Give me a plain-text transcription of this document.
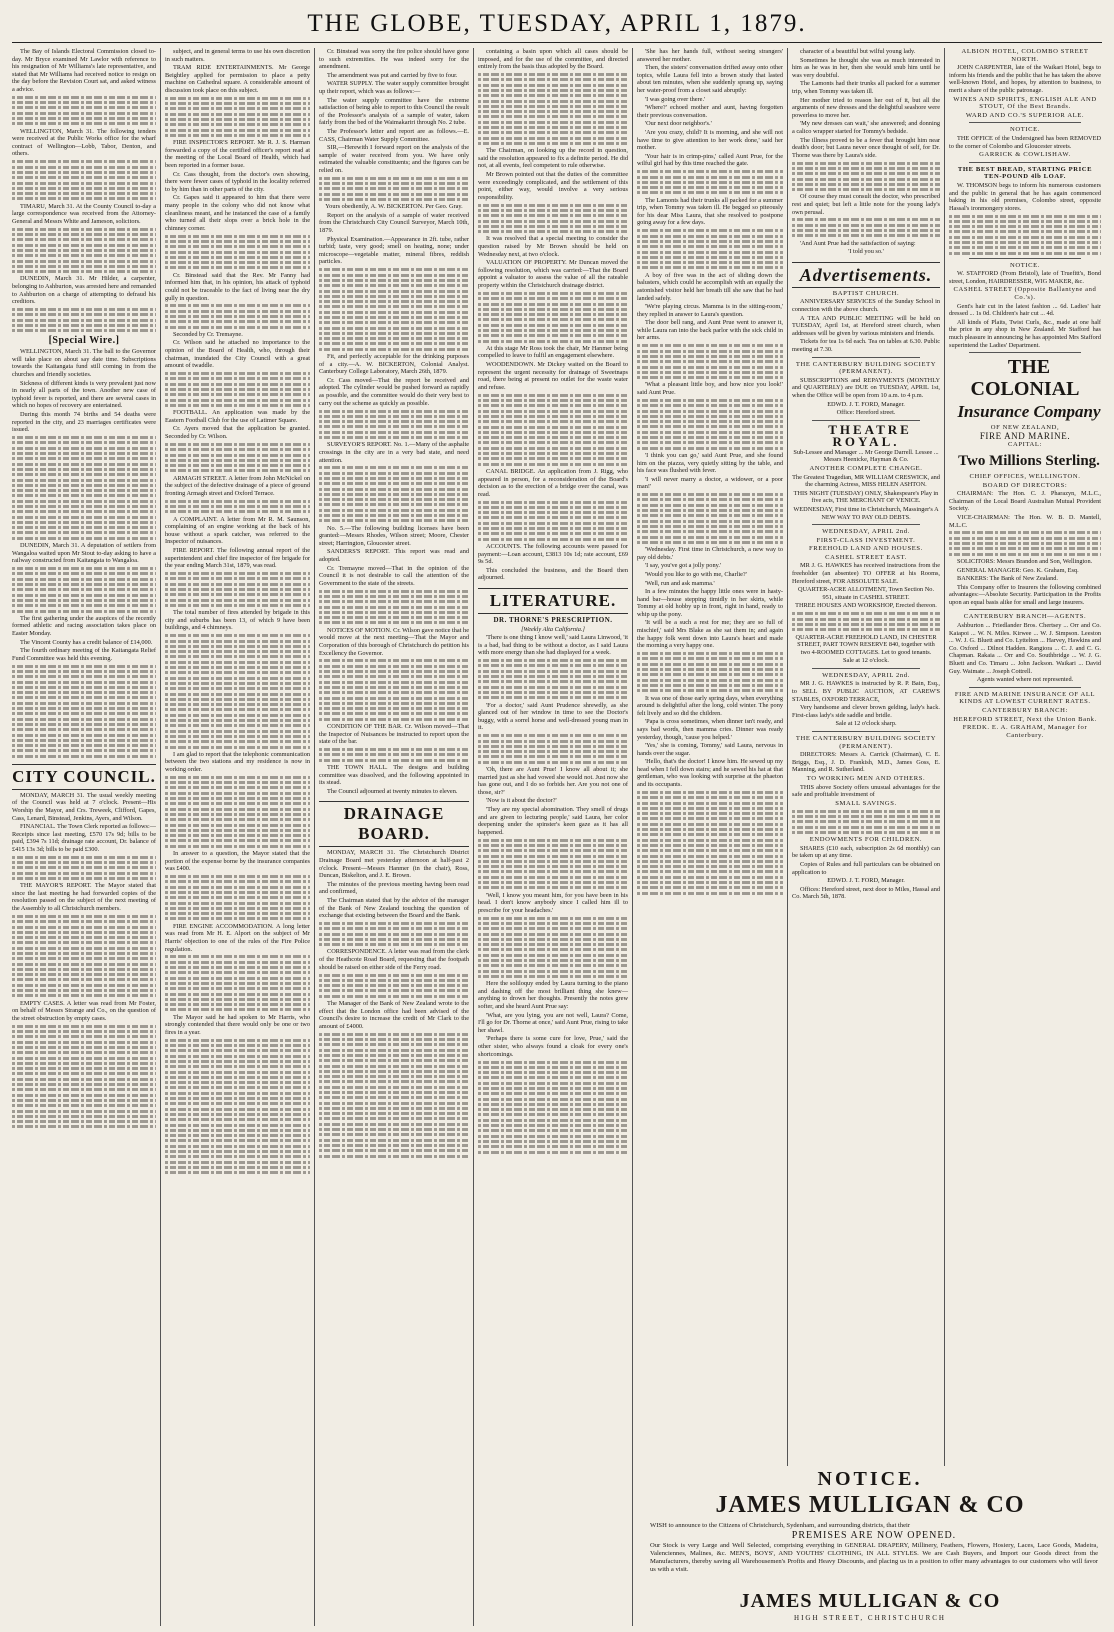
THE GLOBE, TUESDAY, APRIL 1, 1879.

The Bay of Islands Electoral Commission closed to-day. Mr Bryce examined Mr Lawlor with reference to his resignation of Mr Williams's late representative, and stated that Mr Williams had received notice to resign on the day before the Revision Court sat, and asked witness a advice.

WELLINGTON, March 31. The following tenders were received at the Public Works office for the wharf contract of Wellington—Lobb, Tabor, Denton, and others.

TIMARU, March 31. At the County Council to-day a large correspondence was received from the Attorney-General and Messrs White and Jameson, solicitors.

DUNEDIN, March 31. Mr Hilder, a carpenter, belonging to Ashburton, was arrested here and remanded to Ashburton on a charge of attempting to defraud his creditors.

[Special Wire.]

WELLINGTON, March 31. The ball to the Governor will take place on about say date time. Subscriptions towards the Kaitangata fund still coming in from the churches and friendly societies.

Sickness of different kinds is very prevalent just now in nearly all parts of the town. Another new case of typhoid fever is reported, and there are several cases in which no hopes of recovery are entertained.

During this month 74 births and 54 deaths were reported in the city, and 23 marriages certificates were issued.

DUNEDIN, March 31. A deputation of settlers from Wangaloa waited upon Mr Stout to-day asking to have a railway constructed from Kaitangata to Wangaloa.

The first gathering under the auspices of the recently formed athletic and racing association takes place on Easter Monday.

The Vincent County has a credit balance of £14,000.

The fourth ordinary meeting of the Kaitangata Relief Fund Committee was held this evening.

CITY COUNCIL.

MONDAY, MARCH 31. The usual weekly meeting of the Council was held at 7 o'clock. Present—His Worship the Mayor, and Crs. Treweek, Clifford, Gapes, Cass, Lenard, Binstead, Jenkins, Ayers, and Wilson.

FINANCIAL. The Town Clerk reported as follows:—Receipts since last meeting, £570 17s 9d; bills to be paid, £394 7s 11d; drainage rate account, Dr. balance of £415 13s 3d; bills to be paid £300.

THE MAYOR'S REPORT. The Mayor stated that since the last meeting he had forwarded copies of the resolution passed on the subject of the next meeting of the Assembly to all Christchurch members.

EMPTY CASES. A letter was read from Mr Foster, on behalf of Messrs Strange and Co., on the question of the street obstruction by empty cases.

subject, and in general terms to use his own discretion in such matters.

TRAM RIDE ENTERTAINMENTS. Mr George Beightley applied for permission to place a petty machine on Cathedral square. A considerable amount of discussion took place on this subject.

FIRE INSPECTOR'S REPORT. Mr R. J. S. Harman forwarded a copy of the certified officer's report read at the meeting of the Local Board of Health, which had been reported in a former issue.

Cr. Cass thought, from the doctor's own showing, there were fewer cases of typhoid in the locality referred to by him than in other parts of the city.

Cr. Gapes said it appeared to him that there were many people in the colony who did not know what cleanliness meant, and he instanced the case of a family who turned all their slops over a brick hole in the chimney corner.

Cr. Binstead said that the Rev. Mr Fanny had informed him that, in his opinion, his attack of typhoid could not be traceable to the fact of living near the dry gully in question.

Seconded by Cr. Tremayne.

Cr. Wilson said he attached no importance to the opinion of the Board of Health, who, through their chairman, inundated the City Council with a great amount of twaddle.

FOOTBALL. An application was made by the Eastern Football Club for the use of Latimer Square.

Cr. Ayers moved that the application be granted. Seconded by Cr. Wilson.

ARMAGH STREET. A letter from John McNickel on the subject of the defective drainage of a piece of ground fronting Armagh street and Oxford Terrace.

A COMPLAINT. A letter from Mr R. M. Saunson, complaining of an engine working at the back of his house without a spark catcher, was referred to the Inspector of nuisances.

FIRE REPORT. The following annual report of the superintendent and chief fire inspector of fire brigade for the year ending March 31st, 1879, was read.

The total number of fires attended by brigade in this city and suburbs has been 13, of which 9 have been buildings, and 4 chimneys.

I am glad to report that the telephonic communication between the two stations and my residence is now in working order.

In answer to a question, the Mayor stated that the portion of the expense borne by the insurance companies was £400.

FIRE ENGINE ACCOMMODATION. A long letter was read from Mr H. E. Alport on the subject of Mr Harris' objection to one of the rules of the Fire Police regulation.

The Mayor said he had spoken to Mr Harris, who strongly contended that there would only be one or two fires in a year.

Cr. Binstead was sorry the fire police should have gone to such extremities. He was indeed sorry for the amendment.

The amendment was put and carried by five to four.

WATER SUPPLY. The water supply committee brought up their report, which was as follows:—

The water supply committee have the extreme satisfaction of being able to report to this Council the result of the Professor's analysis of a sample of water, taken fairly from the bed of the Waimakariri through No. 2 tube.

The Professor's letter and report are as follows.—E. CASS, Chairman Water Supply Committee.

SIR,—Herewith I forward report on the analysis of the sample of water received from you. We have only estimated the valuable constituents; and the figures can be relied on.

Yours obediently, A. W. BICKERTON. Per Geo. Gray.

Report on the analysis of a sample of water received from the Christchurch City Council Surveyor, March 10th, 1879.

Physical Examination.—Appearance in 2ft. tube, rather turbid; taste, very good; smell on heating, none; under microscope—vegetable matter, mineral fibres, reddish particles.

Fit, and perfectly acceptable for the drinking purposes of a city.—A. W. BICKERTON, Colonial Analyst. Canterbury College Laboratory, March 26th, 1879.

Cr. Cass moved—That the report be received and adopted. The cylinder would be pushed forward as rapidly as possible, and the committee would do their very best to carry out the scheme as quickly as possible.

SURVEYOR'S REPORT. No. 1.—Many of the asphalte crossings in the city are in a very bad state, and need attention.

No. 5.—The following building licenses have been granted:—Messrs Rhodes, Wilson street; Moore, Chester street; Harrington, Gloucester street.

SANDERS'S REPORT. This report was read and adopted.

Cr. Tremayne moved—That in the opinion of the Council it is not desirable to call the attention of the Government to the state of the streets.

NOTICES OF MOTION. Cr. Wilson gave notice that he would move at the next meeting—That the Mayor and Corporation of this borough of Christchurch do petition his Excellency the Governor.

CONDITION OF THE BAR. Cr. Wilson moved—That the Inspector of Nuisances be instructed to report upon the state of the bar.

THE TOWN HALL. The designs and building committee was dissolved, and the following appointed in its stead.

The Council adjourned at twenty minutes to eleven.

DRAINAGE BOARD.

MONDAY, MARCH 31. The Christchurch District Drainage Board met yesterday afternoon at half-past 2 o'clock. Present—Messrs Hanmer (in the chair), Ross, Duncan, Biskelton, and J. E. Brown.

The minutes of the previous meeting having been read and confirmed,

The Chairman stated that by the advice of the manager of the Bank of New Zealand touching the question of exchange that existing between the Board and the Bank.

CORRESPONDENCE. A letter was read from the clerk of the Heathcote Road Board, requesting that the footpath should be raised on either side of the Ferry road.

The Manager of the Bank of New Zealand wrote to the effect that the London office had been advised of the Council's desire to increase the credit of Mr Clark to the amount of £4000.

containing a basin upon which all cases should be imposed, and for the use of the committee, and directed entirely from the basis thus adopted by the Board.

The Chairman, on looking up the record in question, said the resolution appeared to fix a definite period. He did not, at all events, feel competent to rule otherwise.

Mr Brown pointed out that the duties of the committee were exceedingly complicated, and the settlement of this point, either way, would involve a very serious responsibility.

It was resolved that a special meeting to consider the question raised by Mr Brown should be held on Wednesday next, at two o'clock.

VALUATION OF PROPERTY. Mr Duncan moved the following resolution, which was carried:—That the Board appoint a valuator to assess the value of all the rateable property within the Christchurch drainage district.

At this stage Mr Ross took the chair, Mr Hanmer being compelled to leave to fulfil an engagement elsewhere.

WOODENDOWN. Mr Dickey waited on the Board to represent the urgent necessity for drainage of Sweetnaps road, there being at present no outlet for the waste water and refuse.

CANAL BRIDGE. An application from J. Rigg, who appeared in person, for a reconsideration of the Board's decision as to the erection of a bridge over the canal, was read.

ACCOUNTS. The following accounts were passed for payment:—Loan account, £3813 10s 1d; rate account, £69 9s 5d.

This concluded the business, and the Board then adjourned.

LITERATURE.

DR. THORNE'S PRESCRIPTION.

[Weekly Alta California.]

'There is one thing I know well,' said Laura Linwood, 'it is a bad, bad thing to be without a doctor, as I said Laura with more energy than she had displayed for a week.

'For a doctor,' said Aunt Prudence shrewdly, as she glanced out of her window in time to see the Doctor's buggy, with a sorrel horse and well-dressed young man in it.

'Oh, there are Aunt Prue! I know all about it; she married just as she had vowed she would not. Just now she has gone out, and I do so forbids her. Are you not one of those, sir?'

'Now is it about the doctor?'

'They are my special abomination. They smell of drugs and are given to lecturing people,' said Laura, her color deepening under the spinster's keen gaze as it has all happened.

'Well, I know you meant him, for you have been in his head. I don't know anybody since I called him ill to prescribe for your headaches.'

Here the soliloquy ended by Laura turning to the piano and dashing off the most brilliant thing she knew—anything to drown her thoughts. Presently the notes grew softer, and she heard Aunt Prue say:

'What, are you lying, you are not well, Laura? Come, I'll go for Dr. Thorne at once,' said Aunt Prue, rising to take her shawl.

'Perhaps there is some cure for love, Prue,' said the other sister, who always found a cloak for every one's shortcomings.

'She has her hands full, without seeing strangers' answered her mother.

Then, the sisters' conversation drifted away onto other topics, while Laura fell into a brown study that lasted about ten minutes, when she suddenly sprang up, saying her water-proof from a closet said abruptly:

'I was going over there.'

'Where?' echoed mother and aunt, having forgotten their previous conversation.

'Our next door neighbor's.'

'Are you crazy, child? It is morning, and she will not have time to give attention to her work done,' said her mother.

'Your hair is in crimp-pins,' called Aunt Prue, for the wilful girl had by this time reached the gate.

The Lamonts had their trunks all packed for a summer trip, when Tommy was taken ill. He begged so piteously for his dear Miss Laura, that she resolved to postpone going away for a few days.

A boy of five was in the act of sliding down the balusters, which could he accomplish with an equally the astonished visitor held her breath till she saw that he had landed safely.

'We're playing circus. Mamma is in the sitting-room,' they replied in answer to Laura's question.

The door bell rang, and Aunt Prue went to answer it, while Laura ran into the back parlor with the sick child in her arms.

'What a pleasant little boy, and how nice you look!' said Aunt Prue.

'I think you can go,' said Aunt Prue, and she found him on the piazza, very quietly sitting by the table, and his face was flushed with fever.

'I will never marry a doctor, a widower, or a poor man!'

'Wednesday. First time in Christchurch, a new way to pay old debts.'

'I say, you've got a jolly pony.'

'Would you like to go with me, Charlie?'

'Well, run and ask mamma.'

In a few minutes the happy little ones were in hasty-hand bar—house stepping timidly in her skirts, while Tommy at old hobby up in front, right in hand, ready to whip up the pony.

'It will be a such a rest for me; they are so full of mischief,' said Mrs Blake as she sat them in; and again the happy folk went down into Laura's heart and made the morning a very happy one.

It was one of those early spring days, when everything around is delightful after the long, cold winter. The pony felt lively and so did the children.

'Papa is cross sometimes, when dinner isn't ready, and says bad words, then mamma cries. Dinner was ready yesterday, though, 'cause you helped.'

'Yes,' she is coming, Tommy,' said Laura, nervous in hands over the sugar.

'Hello, that's the doctor! I know him. He sewed up my head when I fell down stairs; and he sewed his hat at that gentleman, who was looking with surprise at the phaeton and its occupants.

character of a beautiful but wilful young lady.

Sometimes he thought she was as much interested in him as he was in her, then she would snub him until he was very doubtful.

The Lamonts had their trunks all packed for a summer trip, when Tommy was taken ill.

Her mother tried to reason her out of it, but all the arguments of new dresses and the delightful seashore were powerless to move her.

'My new dresses can wait,' she answered; and donning a calico wrapper started for Tommy's bedside.

The illness proved to be a fever that brought him near death's door; but Laura never once thought of self, for Dr. Thorne was there by Laura's side.

Of course they must consult the doctor, who prescribed rest and quiet; but left a little note for the young lady's own perusal.

'And Aunt Prue had the satisfaction of saying:

'I told you so.'

Advertisements.

BAPTIST CHURCH.

ANNIVERSARY SERVICES of the Sunday School in connection with the above church.

A TEA AND PUBLIC MEETING will be held on TUESDAY, April 1st, at Hereford street church, when addresses will be given by various ministers and friends.

Tickets for tea 1s 6d each. Tea on tables at 6.30. Public meeting at 7.30.

THE CANTERBURY BUILDING SOCIETY (PERMANENT).

SUBSCRIPTIONS and REPAYMENTS (MONTHLY and QUARTERLY) are DUE on TUESDAY, APRIL 1st, when the Office will be open from 10 a.m. to 4 p.m.

EDWD. J. T. FORD, Manager.

Office: Hereford street.

THEATRE ROYAL.

Sub-Lessee and Manager ... Mr George Darrell. Lessee ... Messrs Heenicke, Hayman & Co.

ANOTHER COMPLETE CHANGE.

The Greatest Tragedian, MR WILLIAM CRESWICK, and the charming Actress, MISS HELEN ASHTON.

THIS NIGHT (TUESDAY) ONLY, Shakespeare's Play in five acts, THE MERCHANT OF VENICE.

WEDNESDAY, First time in Christchurch, Massinger's A NEW WAY TO PAY OLD DEBTS.

WEDNESDAY, APRIL 2nd.

FIRST-CLASS INVESTMENT.

FREEHOLD LAND AND HOUSES.

CASHEL STREET EAST.

MR J. G. HAWKES has received instructions from the freeholder (an absentee) TO OFFER at his Rooms, Hereford street, FOR ABSOLUTE SALE.

QUARTER-ACRE ALLOTMENT, Town Section No. 951, situate in CASHEL STREET.

THREE HOUSES AND WORKSHOP, Erected thereon.

QUARTER-ACRE FREEHOLD LAND, IN CHESTER STREET, PART TOWN RESERVE 840, together with two 4-ROOMED COTTAGES. Let to good tenants.

Sale at 12 o'clock.

WEDNESDAY, APRIL 2nd.

MR J. G. HAWKES is instructed by R. P. Bain, Esq., to SELL BY PUBLIC AUCTION, AT CAREW'S STABLES, OXFORD TERRACE,

Very handsome and clever brown gelding, lady's hack. First-class lady's side saddle and bridle.

Sale at 12 o'clock sharp.

THE CANTERBURY BUILDING SOCIETY (PERMANENT).

DIRECTORS: Messrs A. Carrick (Chairman), C. E. Briggs, Esq., J. D. Frankish, M.D., James Goss, E. Manning, and R. Sutherland.

TO WORKING MEN AND OTHERS.

THIS above Society offers unusual advantages for the safe and profitable investment of

SMALL SAVINGS.

ENDOWMENTS FOR CHILDREN.

SHARES (£10 each, subscription 2s 6d monthly) can be taken up at any time.

Copies of Rules and full particulars can be obtained on application to

EDWD. J. T. FORD, Manager.

Offices: Hereford street, next door to Miles, Hassal and Co. March 5th, 1878.

ALBION HOTEL, COLOMBO STREET NORTH.

JOHN CARPENTER, late of the Waikari Hotel, begs to inform his friends and the public that he has taken the above well-known Hotel, and hopes, by attention to business, to merit a share of the public patronage.

WINES AND SPIRITS, ENGLISH ALE AND STOUT, Of the Best Brands.

WARD AND CO.'S SUPERIOR ALE.

NOTICE.

THE OFFICE of the Undersigned has been REMOVED to the corner of Colombo and Gloucester streets.

GARRICK & COWLISHAW.

THE BEST BREAD, STARTING PRICE TEN-POUND 4lb LOAF.

W. THOMSON begs to inform his numerous customers and the public in general that he has again commenced baking in his old premises, Colombo street, opposite Hassal's ironmongery stores.

NOTICE.

W. STAFFORD (From Bristol), late of Truefitt's, Bond street, London, HAIRDRESSER, WIG MAKER, &c.

CASHEL STREET (Opposite Ballantyne and Co.'s).

Gent's hair cut in the latest fashion ... 6d. Ladies' hair dressed ... 1s 0d. Children's hair cut ... 4d.

All kinds of Plaits, Twist Curls, &c., made at one half the price in any shop in New Zealand. Mr Stafford has much pleasure in announcing he has appointed Mrs Stafford superintend the Ladies' Department.

THE COLONIAL

Insurance Company

OF NEW ZEALAND,

FIRE AND MARINE.

CAPITAL:

Two Millions Sterling.

CHIEF OFFICES, WELLINGTON.

BOARD OF DIRECTORS:

CHAIRMAN: The Hon. C. J. Pharazyn, M.L.C., Chairman of the Local Board Australian Mutual Provident Society.

VICE-CHAIRMAN: The Hon. W. B. D. Mantell, M.L.C.

SOLICITORS: Messrs Brandon and Son, Wellington.

GENERAL MANAGER: Geo. K. Graham, Esq.

BANKERS: The Bank of New Zealand.

This Company offer to Insurers the following combined advantages:—Absolute Security. Participation in the Profits upon an equal basis alike for small and large insurers.

CANTERBURY BRANCH—AGENTS.

Ashburton ... Friedlander Bros. Chertsey ... Orr and Co. Kaiapoi ... W. N. Miles. Kirwee ... W. J. Simpson. Leeston ... W. J. G. Bluett and Co. Lyttelton ... Harvey, Hawkins and Co. Oxford ... Dilnot Hadden. Rangiora ... C. J. and C. G. Chapman. Rakaia ... Orr and Co. Southbridge ... W. J. G. Bluett and Co. Timaru ... John Jackson. Waikari ... David Guy. Waimate ... Joseph Cottrell.

Agents wanted where not represented.

FIRE AND MARINE INSURANCE OF ALL KINDS AT LOWEST CURRENT RATES.

CANTERBURY BRANCH:

HEREFORD STREET, Next the Union Bank.

FREDK. E. A. GRAHAM, Manager for Canterbury.

NOTICE.
JAMES MULLIGAN & CO
WISH to announce to the Citizens of Christchurch, Sydenham, and surrounding districts, that their
PREMISES ARE NOW OPENED.
Our Stock is very Large and Well Selected, comprising everything in GENERAL DRAPERY, Millinery, Feathers, Flowers, Hosiery, Laces, Lace Goods, Madeira, Valenciennes, Malines, &c. MEN'S, BOYS', AND YOUTHS' CLOTHING, IN ALL STYLES. We are Cash Buyers, and Import our Goods direct from the Manufacturers, thereby saving all Warehousemen's Profits and Heavy Discounts, and placing us in a position to offer many advantages to our customers who will favor us with a visit.
JAMES MULLIGAN & CO
HIGH STREET, CHRISTCHURCH
